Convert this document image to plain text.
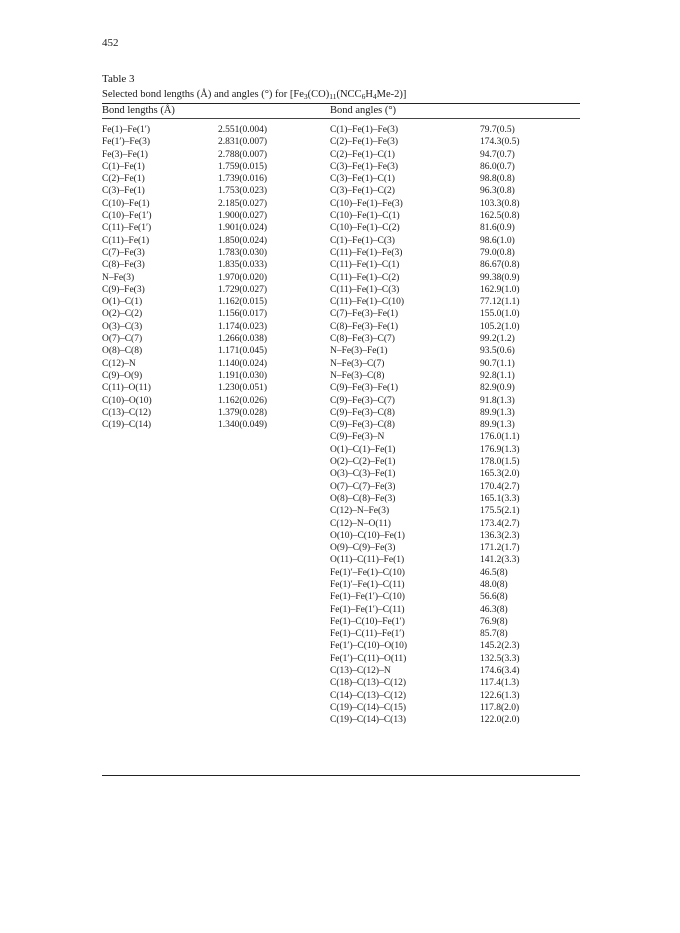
452
Table 3
Selected bond lengths (Å) and angles (°) for $[Fe_3(CO)_{11}(NCC_6H_4Me-2)]$
Bond lengths (Å)	Bond angles (°)
Fe(1)–Fe(1′)
Fe(1′)–Fe(3)
Fe(3)–Fe(1)
C(1)–Fe(1)
C(2)–Fe(1)
C(3)–Fe(1)
C(10)–Fe(1)
C(10)–Fe(1′)
C(11)–Fe(1′)
C(11)–Fe(1)
C(7)–Fe(3)
C(8)–Fe(3)
N–Fe(3)
C(9)–Fe(3)
O(1)–C(1)
O(2)–C(2)
O(3)–C(3)
O(7)–C(7)
O(8)–C(8)
C(12)–N
C(9)–O(9)
C(11)–O(11)
C(10)–O(10)
C(13)–C(12)
C(19)–C(14)
2.551(0.004)
2.831(0.007)
2.788(0.007)
1.759(0.015)
1.739(0.016)
1.753(0.023)
2.185(0.027)
1.900(0.027)
1.901(0.024)
1.850(0.024)
1.783(0.030)
1.835(0.033)
1.970(0.020)
1.729(0.027)
1.162(0.015)
1.156(0.017)
1.174(0.023)
1.266(0.038)
1.171(0.045)
1.140(0.024)
1.191(0.030)
1.230(0.051)
1.162(0.026)
1.379(0.028)
1.340(0.049)
C(1)–Fe(1)–Fe(3)
C(2)–Fe(1)–Fe(3)
C(2)–Fe(1)–C(1)
C(3)–Fe(1)–Fe(3)
C(3)–Fe(1)–C(1)
C(3)–Fe(1)–C(2)
C(10)–Fe(1)–Fe(3)
C(10)–Fe(1)–C(1)
C(10)–Fe(1)–C(2)
C(1)–Fe(1)–C(3)
C(11)–Fe(1)–Fe(3)
C(11)–Fe(1)–C(1)
C(11)–Fe(1)–C(2)
C(11)–Fe(1)–C(3)
C(11)–Fe(1)–C(10)
C(7)–Fe(3)–Fe(1)
C(8)–Fe(3)–Fe(1)
C(8)–Fe(3)–C(7)
N–Fe(3)–Fe(1)
N–Fe(3)–C(7)
N–Fe(3)–C(8)
C(9)–Fe(3)–Fe(1)
C(9)–Fe(3)–C(7)
C(9)–Fe(3)–C(8)
C(9)–Fe(3)–C(8)
C(9)–Fe(3)–N
O(1)–C(1)–Fe(1)
O(2)–C(2)–Fe(1)
O(3)–C(3)–Fe(1)
O(7)–C(7)–Fe(3)
O(8)–C(8)–Fe(3)
C(12)–N–Fe(3)
C(12)–N–O(11)
O(10)–C(10)–Fe(1)
O(9)–C(9)–Fe(3)
O(11)–C(11)–Fe(1)
Fe(1)′–Fe(1)–C(10)
Fe(1)′–Fe(1)–C(11)
Fe(1)–Fe(1′)–C(10)
Fe(1)–Fe(1′)–C(11)
Fe(1)–C(10)–Fe(1′)
Fe(1)–C(11)–Fe(1′)
Fe(1′)–C(10)–O(10)
Fe(1′)–C(11)–O(11)
C(13)–C(12)–N
C(18)–C(13)–C(12)
C(14)–C(13)–C(12)
C(19)–C(14)–C(15)
C(19)–C(14)–C(13)
79.7(0.5)
174.3(0.5)
94.7(0.7)
86.0(0.7)
98.8(0.8)
96.3(0.8)
103.3(0.8)
162.5(0.8)
81.6(0.9)
98.6(1.0)
79.0(0.8)
86.67(0.8)
99.38(0.9)
162.9(1.0)
77.12(1.1)
155.0(1.0)
105.2(1.0)
99.2(1.2)
93.5(0.6)
90.7(1.1)
92.8(1.1)
82.9(0.9)
91.8(1.3)
89.9(1.3)
89.9(1.3)
176.0(1.1)
176.9(1.3)
178.0(1.5)
165.3(2.0)
170.4(2.7)
165.1(3.3)
175.5(2.1)
173.4(2.7)
136.3(2.3)
171.2(1.7)
141.2(3.3)
46.5(8)
48.0(8)
56.6(8)
46.3(8)
76.9(8)
85.7(8)
145.2(2.3)
132.5(3.3)
174.6(3.4)
117.4(1.3)
122.6(1.3)
117.8(2.0)
122.0(2.0)
